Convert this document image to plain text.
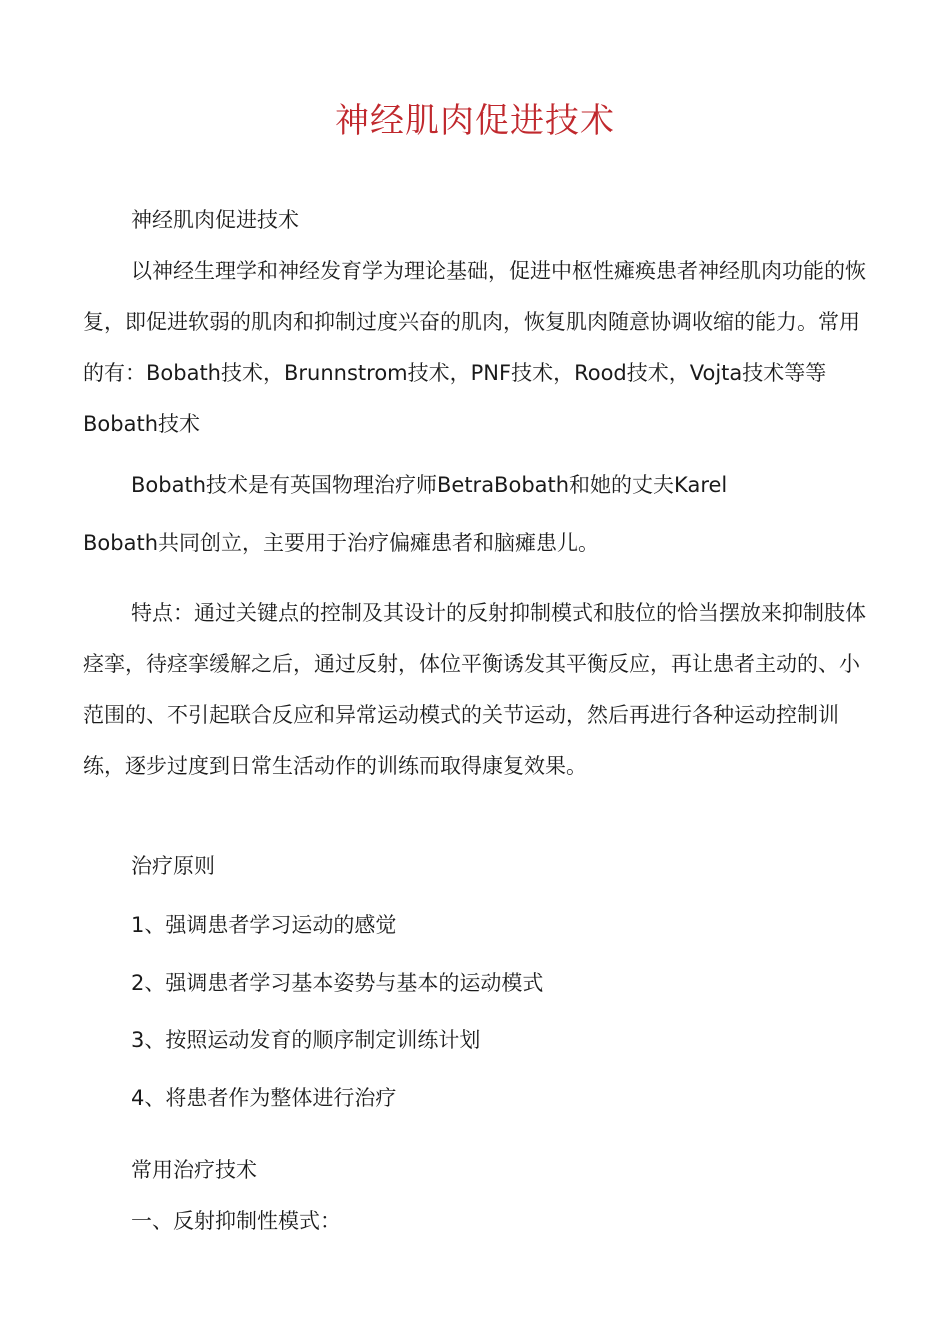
神经肌肉促进技术
神经肌肉促进技术

以神经生理学和神经发育学为理论基础，促进中枢性瘫痪患者神经肌肉功能的恢复，即促进软弱的肌肉和抑制过度兴奋的肌肉，恢复肌肉随意协调收缩的能力。常用的有：Bobath技术，Brunnstrom技术，PNF技术，Rood技术，Vojta技术等等Bobath技术

Bobath技术是有英国物理治疗师BetraBobath和她的丈夫Karel
Bobath共同创立，主要用于治疗偏瘫患者和脑瘫患儿。

特点：通过关键点的控制及其设计的反射抑制模式和肢位的恰当摆放来抑制肢体痉挛，待痉挛缓解之后，通过反射，体位平衡诱发其平衡反应，再让患者主动的、小范围的、不引起联合反应和异常运动模式的关节运动，然后再进行各种运动控制训练，逐步过度到日常生活动作的训练而取得康复效果。

治疗原则
1、强调患者学习运动的感觉
2、强调患者学习基本姿势与基本的运动模式
3、按照运动发育的顺序制定训练计划
4、将患者作为整体进行治疗
常用治疗技术
一、反射抑制性模式：
